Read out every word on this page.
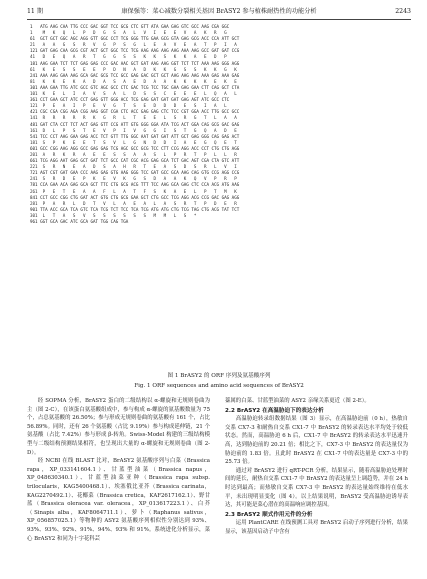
11 期	康保强等：菜心减数分裂相关基因 BrASY2 参与植株耐热性的功能分析	2243
1   ATG AAG CAA TTG CCC GAC GGT TCC GCG CTC GTT ATA GAA GAG GTC GCC AAG CGA GGC
1    M   K   Q   L   P   D   G   S   A   L   V   I   E   E   V   A   K   R   G
61  GCT GCT GGC AGC AGG GTT GGC CCT TCG GGG TTG GAA GCG GTA GAG GCG ACC CCA ATT GCT
21   A   A   G   S   R   V   G   P   S   G   L   E   A   V   E   A   T   P   I   A
121 GAT GAG CAA GCG CGT ACT GCT GGC TCC TCG AAG AAG AAG AAG AAA AAG GCC GAT GAT CCG
41   D   E   Q   A   R   T   G   G   S   S   K   K   S   K   K   A   E   D   P
181 AAG GAA TCT TCT GAG GAG CCC GAC AAC GCT GAT AAG AAG GGT TCT TCT AAA AAG GGG AGG
61   K   E   S   S   E   E   P   D   N   A   D   K   K   G   S   S   K   K   G   K
241 AAA AAG GAA AAG GCA GAC GCG TCC GCC GAG GAC GCT GCT AAG AAG AAG AAA GAG AAA GAG
81   K   K   E   K   A   D   A   S   A   E   D   A   A   K   K   K   K   E   K   E
301 AAA GAA TTG ATC GCC GTC AGC GCC CTC GAC TCG TCC TGC GAA GAG GAA CTT CAG GCT CTA
101  K   E   L   I   A   V   S   A   L   D   S   S   C   E   E   E   L   Q   A   L
361 CCT GAA GCT ATC CCT GAG GTT GGG ACC TCG GAG GAT GAT GAT GAG AGT ATC GCC CTC
121  P   E   A   I   P   E   V   G   T   S   E   D   D   D   E   S   I   A   L
421 CGC CGA CGG AGA CGG AAG GGT CGA CTC ACC GAG GAG CTC TCC CGT GGA ACC TTG GCC GCC
141  R   R   R   R   R   K   G   R   L   T   E   E   L   S   R   G   T   L   A   A
481 GAT CTA CCT TCT ACT GAG GTT CCG ATT GTG GGG GGA ATA TCG ACT GGA CAG GCG GAC GAG
161  D   L   P   S   T   E   V   P   I   V   G   G   I   S   T   G   Q   A   D   E
541 TCC CCT AAG GAA GAG ACC TCT GTT TTG GGC AAT GAT GAT ATT GCT GAG GGG CAG GAG ACT
181  S   P   K   E   E   T   S   V   L   G   N   D   D   I   A   E   G   Q   E   T
601 GCC CGG AAG AGG GCC GAG GAG TCG AGC GCC GCG TCC CTT CCG AGG ACC CCT CTG CTG AGG
201  A   R   K   R   A   E   E   S   S   A   A   S   L   P   R   T   P   L   L   R
661 TCG AGG AAT GAG GCT GAT TCT GCC CAT CGC ACG GAG GCA TCT GAC AGT CGA CTA GTC ATT
221  S   R   N   E   A   D   S   A   H   R   T   E   A   S   D   S   R   L   V   I
721 AGT CGT GAT GAA CCC AAG GAG GTG AAG GGG TCC GAT GCC GCA AAG CAG GTG CCG AGG CCG
241  S   R   D   E   P   K   E   V   K   G   S   D   A   A   K   Q   V   P   R   P
781 CCA GAA ACA GAG GCA GCT TTC CTG GCG ACG TTT TCC AAG GCA GAG CTC CCA ACG ATG AAG
261  P   E   T   E   A   A   F   L   A   T   F   S   K   A   E   L   P   T   M   K
841 CCT GCC CGG CTG GAT ACT GTG CTG GCG GAA GCT CTG GCC TCG AGG ACG CCG GAC GAG AGG
281  P   A   R   L   D   T   V   L   A   E   A   L   A   S   R   T   P   D   E   R
901 TTA ACC GCA TCA GTC TCA TCG TCT TCC TCA TCG ATG ATG CTG TCG TAG CTG ACG TAT TCT
301  L   T   A   S   V   S   S   S   S   S   S   M   M   L   S   *
961 GGT GCA GAC ATC GCA GAT TGG CAG TGA
图 1 BrASY2 的 ORF 序列及氨基酸序列
Fig. 1 ORF sequences and amino acid sequences of BrASY2

经 SOPMA 分析，BrASY2 蛋白的二级结构以 α-螺旋和无规则卷曲为主（图 2-C），在该蛋白氨基酸组成中，参与构成 α-螺旋的氨基酸数量为 75 个，占总氨基酸的 26.50%；参与形成无规则卷曲的氨基酸有 161 个，占比 56.89%。同时，还有 26 个氨基酸（占比 9.19%）参与构成延伸链，21 个氨基酸（占比 7.42%）参与形成 β-转角。Swiss-Model 构建的三级结构模型与二级结构预测结果相符，也呈现出大量的 α-螺旋和无规则卷曲（图 2-D）。

经 NCBI 在线 BLAST 比对，BrASY2 氨基酸序列与白菜（Brassica rapa，XP_033141604.1）、甘蓝型油菜（Brassica napus，XP_048630340.1）、甘蓝型油菜亚种（Brassica rapa subsp. trilocularis，KAG5400468.1）、埃塞俄比亚芥（Brassica carinata，KAG2270492.1）、花椰菜（Brassica cretica，KAF2617162.1）、野甘蓝（Brassica oleracea var. oleracea，XP_013617223.1）、白芥（Sinapis alba，KAF8064711.1）、萝卜（Raphanus sativus，XP_056857025.1）等物种的 ASY2 氨基酸序列相似性分别达到 93%、93%、93%、92%、91%、94%、93% 和 91%。系统进化分析显示，菜心 BrASY2 和同为十字花科芸

薹属的白菜、甘蓝型油菜的 ASY2 亲缘关系更近（图 2-E）。

2.2 BrASY2 在高温胁迫下的表达分析

高温胁迫转录组数据结果（图 3）显示，在高温胁迫前（0 h），热敏自交系 CX7-3 和耐热自交系 CX1-7 中 BrASY2 的转录表达水平均处于较低状态。然而，高温胁迫 6 h 后，CX1-7 中 BrASY2 的转录表达水平迅速升高，达到胁迫前的 20.21 倍；相比之下，CX7-3 中 BrASY2 的表达量仅为胁迫前的 1.83 倍。且此时 BrASY2 在 CX1-7 中的表达量是 CX7-3 中的 25.73 倍。

通过对 BrASY2 进行 qRT-PCR 分析，结果显示，随着高温胁迫处理时间的延长，耐热自交系 CX1-7 中 BrASY2 的表达量呈上调趋势，并在 24 h 时达到最高；而热敏自交系 CX7-3 中 BrASY2 的表达量始终维持在低水平，未出现明显变化（图 4）。以上结果说明，BrASY2 受高温胁迫诱导表达，其可能是菜心潜在的高温响应调控基因。

2.3 BrASY2 顺式作用元件的分析

运用 PlantCARE 在线预测工具对 BrASY2 启动子序列进行分析，结果显示，该基因启动子中含有
